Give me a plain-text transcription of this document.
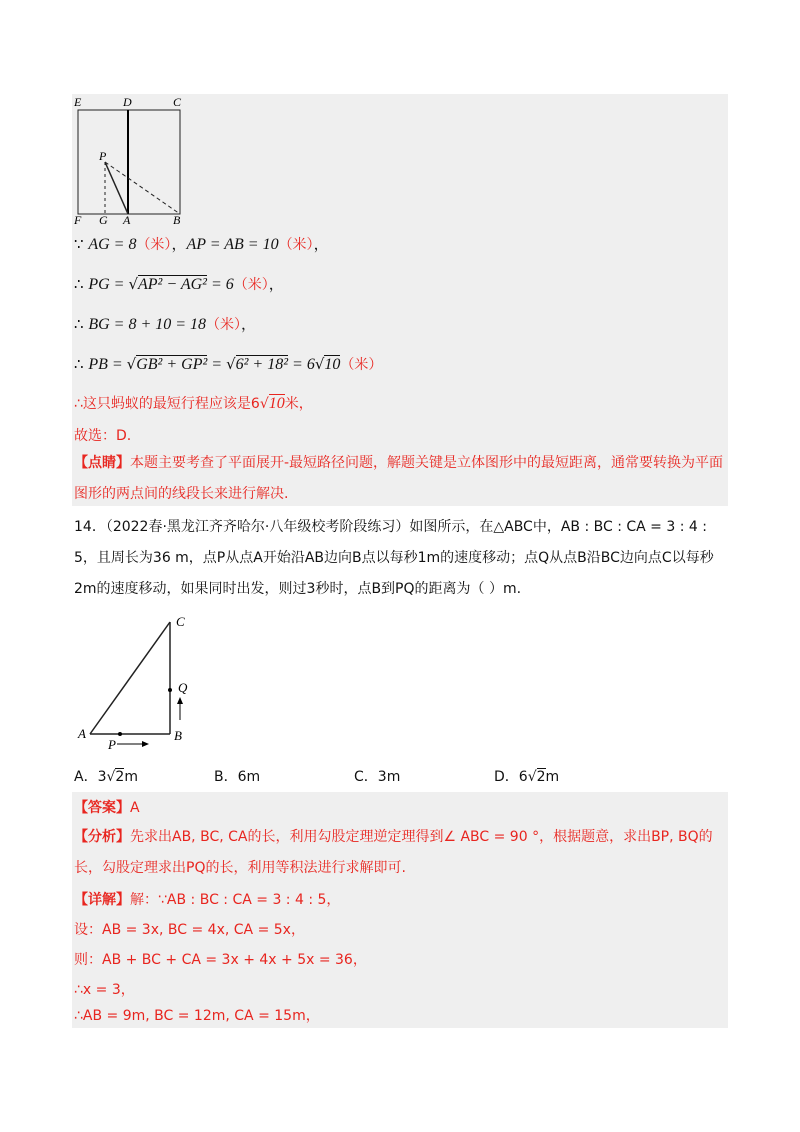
E	D	C
P
F G A	B
∵ AG = 8（米），AP = AB = 10（米），
∴ PG = √AP² − AG² = 6（米），
∴ BG = 8 + 10 = 18（米），
∴ PB = √GB² + GP² = √6² + 18² = 6√10（米）
∴这只蚂蚁的最短行程应该是6√10米，
故选：D.
【点睛】本题主要考查了平面展开-最短路径问题，解题关键是立体图形中的最短距离，通常要转换为平面图形的两点间的线段长来进行解决.
14．（2022春·黑龙江齐齐哈尔·八年级校考阶段练习）如图所示，在△ABC中，AB : BC : CA = 3 : 4 : 5，且周长为36 m，点P从点A开始沿AB边向B点以每秒1m的速度移动；点Q从点B沿BC边向点C以每秒2m的速度移动，如果同时出发，则过3秒时，点B到PQ的距离为（ ）m.
C
Q
A	B
P
A．3√2m	B．6m	C．3m	D．6√2m
【答案】A
【分析】先求出AB, BC, CA的长，利用勾股定理逆定理得到∠ ABC = 90 °，根据题意，求出BP, BQ的长，勾股定理求出PQ的长，利用等积法进行求解即可.
【详解】解：∵AB : BC : CA = 3 : 4 : 5，
设：AB = 3x, BC = 4x, CA = 5x，
则：AB + BC + CA = 3x + 4x + 5x = 36，
∴x = 3，
∴AB = 9m, BC = 12m, CA = 15m，
